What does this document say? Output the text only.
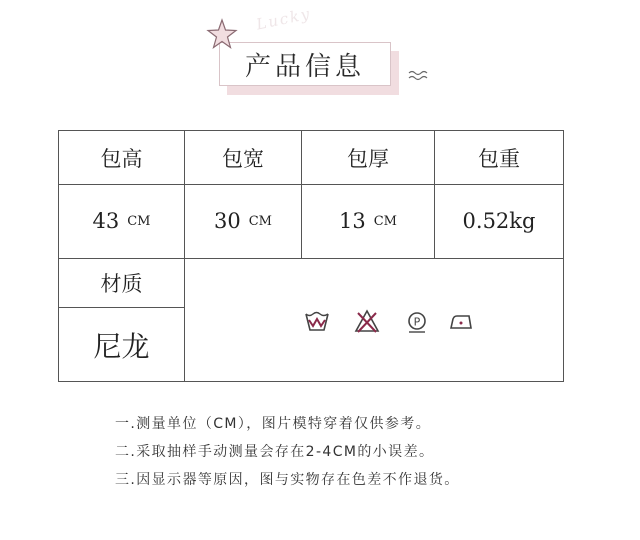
Lucky
产品信息
包高	包宽	包厚	包重
43 CM	30 CM	13 CM	0.52kg
材质
尼龙
P
一.测量单位（CM），图片模特穿着仅供参考。
二.采取抽样手动测量会存在2-4CM的小误差。
三.因显示器等原因，图与实物存在色差不作退货。
